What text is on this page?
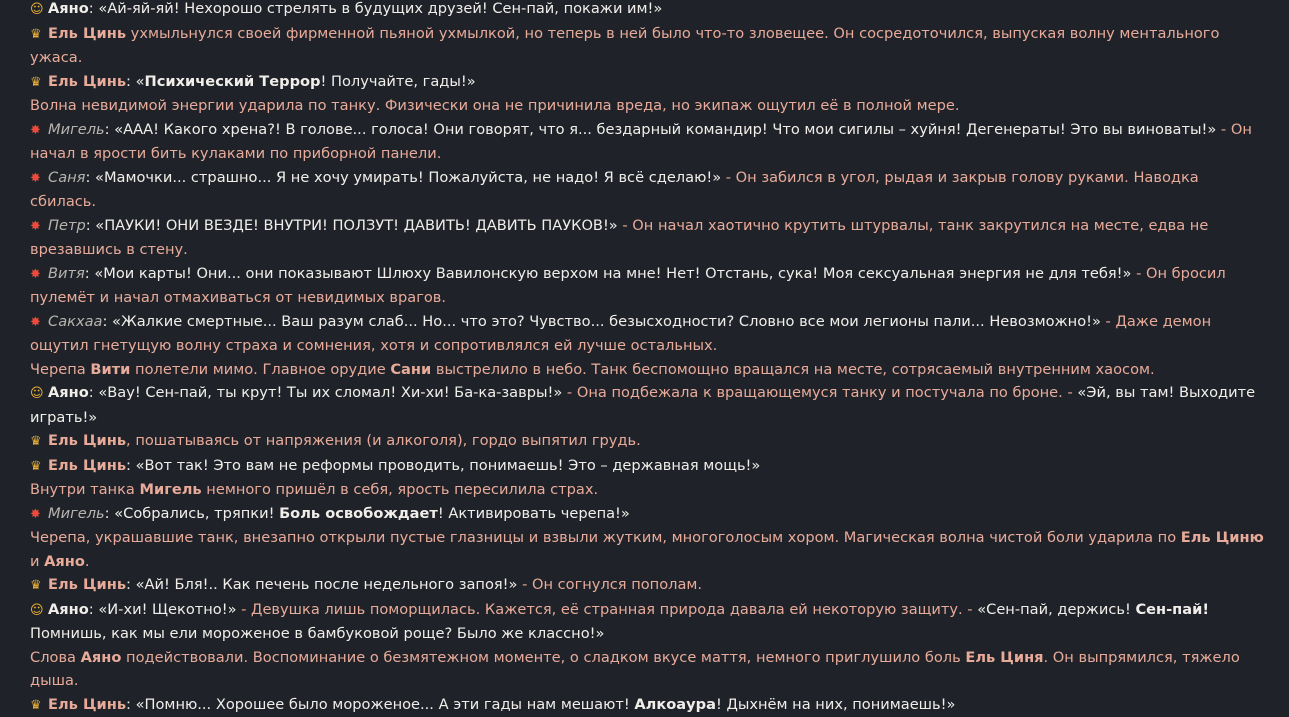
☺ Аяно: «Ай-яй-яй! Нехорошо стрелять в будущих друзей! Сен-пай, покажи им!»
♛ Ель Цинь ухмыльнулся своей фирменной пьяной ухмылкой, но теперь в ней было что-то зловещее. Он сосредоточился, выпуская волну ментального ужаса.
♛ Ель Цинь: «Психический Террор! Получайте, гады!»
Волна невидимой энергии ударила по танку. Физически она не причинила вреда, но экипаж ощутил её в полной мере.
✸ Мигель: «ААА! Какого хрена?! В голове... голоса! Они говорят, что я... бездарный командир! Что мои сигилы – хуйня! Дегенераты! Это вы виноваты!» - Он начал в ярости бить кулаками по приборной панели.
✸ Саня: «Мамочки... страшно... Я не хочу умирать! Пожалуйста, не надо! Я всё сделаю!» - Он забился в угол, рыдая и закрыв голову руками. Наводка сбилась.
✸ Петр: «ПАУКИ! ОНИ ВЕЗДЕ! ВНУТРИ! ПОЛЗУТ! ДАВИТЬ! ДАВИТЬ ПАУКОВ!» - Он начал хаотично крутить штурвалы, танк закрутился на месте, едва не врезавшись в стену.
✸ Витя: «Мои карты! Они... они показывают Шлюху Вавилонскую верхом на мне! Нет! Отстань, сука! Моя сексуальная энергия не для тебя!» - Он бросил пулемёт и начал отмахиваться от невидимых врагов.
✸ Сакхаа: «Жалкие смертные... Ваш разум слаб... Но... что это? Чувство... безысходности? Словно все мои легионы пали... Невозможно!» - Даже демон ощутил гнетущую волну страха и сомнения, хотя и сопротивлялся ей лучше остальных.
Черепа Вити полетели мимо. Главное орудие Сани выстрелило в небо. Танк беспомощно вращался на месте, сотрясаемый внутренним хаосом.
☺ Аяно: «Вау! Сен-пай, ты крут! Ты их сломал! Хи-хи! Ба-ка-завры!» - Она подбежала к вращающемуся танку и постучала по броне. - «Эй, вы там! Выходите играть!»
♛ Ель Цинь, пошатываясь от напряжения (и алкоголя), гордо выпятил грудь.
♛ Ель Цинь: «Вот так! Это вам не реформы проводить, понимаешь! Это – державная мощь!»
Внутри танка Мигель немного пришёл в себя, ярость пересилила страх.
✸ Мигель: «Собрались, тряпки! Боль освобождает! Активировать черепа!»
Черепа, украшавшие танк, внезапно открыли пустые глазницы и взвыли жутким, многоголосым хором. Магическая волна чистой боли ударила по Ель Циню и Аяно.
♛ Ель Цинь: «Ай! Бля!.. Как печень после недельного запоя!» - Он согнулся пополам.
☺ Аяно: «И-хи! Щекотно!» - Девушка лишь поморщилась. Кажется, её странная природа давала ей некоторую защиту. - «Сен-пай, держись! Сен-пай! Помнишь, как мы ели мороженое в бамбуковой роще? Было же классно!»
Слова Аяно подействовали. Воспоминание о безмятежном моменте, о сладком вкусе маття, немного приглушило боль Ель Циня. Он выпрямился, тяжело дыша.
♛ Ель Цинь: «Помню... Хорошее было мороженое... А эти гады нам мешают! Алкоаура! Дыхнём на них, понимаешь!»
